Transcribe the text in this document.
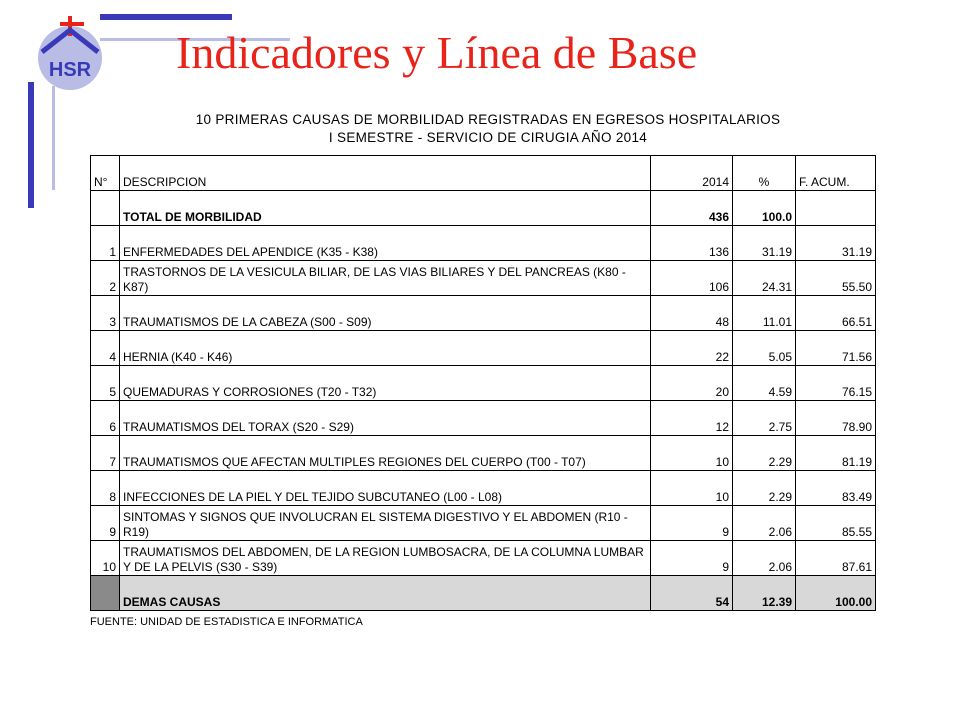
HSR Indicadores y Línea de Base
10 PRIMERAS CAUSAS DE MORBILIDAD REGISTRADAS EN EGRESOS HOSPITALARIOS
I SEMESTRE - SERVICIO DE CIRUGIA AÑO 2014
N°	DESCRIPCION	2014	%	F. ACUM.
	TOTAL DE MORBILIDAD	436	100.0	
1	ENFERMEDADES DEL APENDICE (K35 - K38)	136	31.19	31.19
2	TRASTORNOS DE LA VESICULA BILIAR, DE LAS VIAS BILIARES Y DEL PANCREAS (K80 - K87)	106	24.31	55.50
3	TRAUMATISMOS DE LA CABEZA (S00 - S09)	48	11.01	66.51
4	HERNIA (K40 - K46)	22	5.05	71.56
5	QUEMADURAS Y CORROSIONES (T20 - T32)	20	4.59	76.15
6	TRAUMATISMOS DEL TORAX (S20 - S29)	12	2.75	78.90
7	TRAUMATISMOS QUE AFECTAN MULTIPLES REGIONES DEL CUERPO (T00 - T07)	10	2.29	81.19
8	INFECCIONES DE LA PIEL Y DEL TEJIDO SUBCUTANEO (L00 - L08)	10	2.29	83.49
9	SINTOMAS Y SIGNOS QUE INVOLUCRAN EL SISTEMA DIGESTIVO Y EL ABDOMEN (R10 - R19)	9	2.06	85.55
10	TRAUMATISMOS DEL ABDOMEN, DE LA REGION LUMBOSACRA, DE LA COLUMNA LUMBAR Y DE LA PELVIS (S30 - S39)	9	2.06	87.61
	DEMAS CAUSAS	54	12.39	100.00
FUENTE: UNIDAD DE ESTADISTICA E INFORMATICA
